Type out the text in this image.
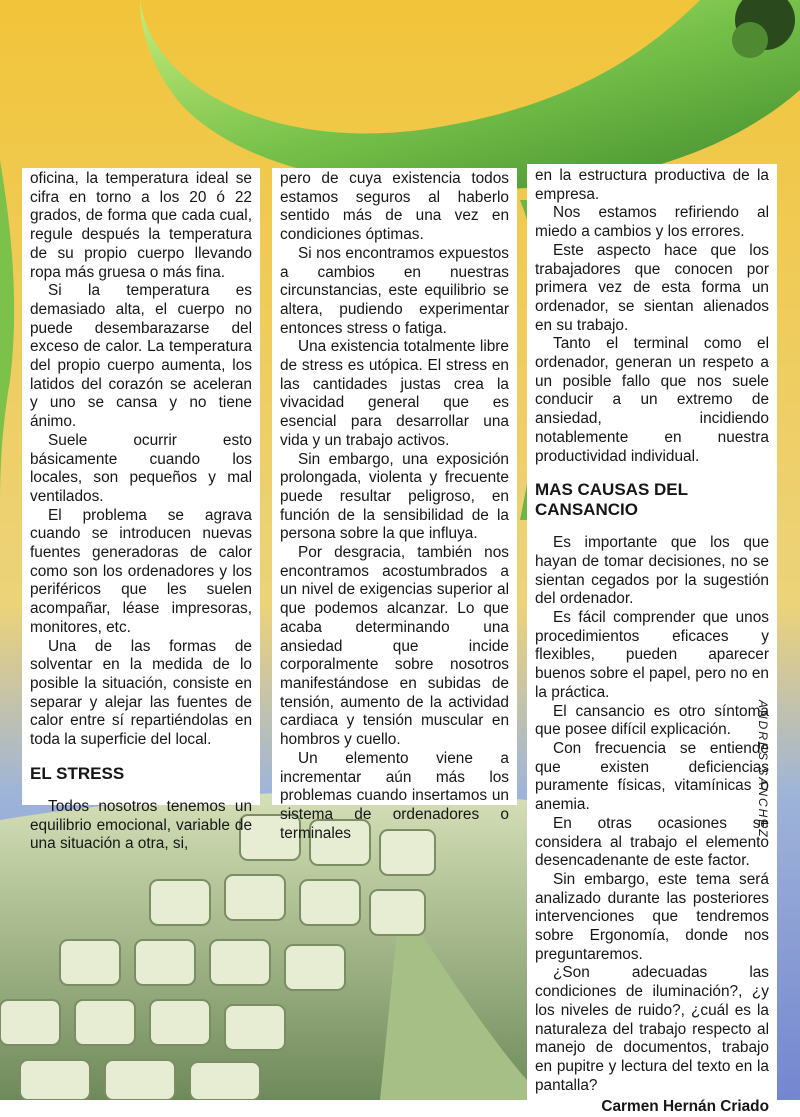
oficina, la temperatura ideal se cifra en torno a los 20 ó 22 grados, de forma que cada cual, regule después la temperatura de su propio cuerpo llevando ropa más gruesa o más fina.

Si la temperatura es demasiado alta, el cuerpo no puede desembarazarse del exceso de calor. La temperatura del propio cuerpo aumenta, los latidos del corazón se aceleran y uno se cansa y no tiene ánimo.

Suele ocurrir esto básicamente cuando los locales, son pequeños y mal ventilados.

El problema se agrava cuando se introducen nuevas fuentes generadoras de calor como son los ordenadores y los periféricos que les suelen acompañar, léase impresoras, monitores, etc.

Una de las formas de solventar en la medida de lo posible la situación, consiste en separar y alejar las fuentes de calor entre sí repartiéndolas en toda la superficie del local.

EL STRESS

Todos nosotros tenemos un equilibrio emocional, variable de una situación a otra, si,

pero de cuya existencia todos estamos seguros al haberlo sentido más de una vez en condiciones óptimas.

Si nos encontramos expuestos a cambios en nuestras circunstancias, este equilibrio se altera, pudiendo experimentar entonces stress o fatiga.

Una existencia totalmente libre de stress es utópica. El stress en las cantidades justas crea la vivacidad general que es esencial para desarrollar una vida y un trabajo activos.

Sin embargo, una exposición prolongada, violenta y frecuente puede resultar peligroso, en función de la sensibilidad de la persona sobre la que influya.

Por desgracia, también nos encontramos acostumbrados a un nivel de exigencias superior al que podemos alcanzar. Lo que acaba determinando una ansiedad que incide corporalmente sobre nosotros manifestándose en subidas de tensión, aumento de la actividad cardiaca y tensión muscular en hombros y cuello.

Un elemento viene a incrementar aún más los problemas cuando insertamos un sistema de ordenadores o terminales

en la estructura productiva de la empresa.

Nos estamos refiriendo al miedo a cambios y los errores.

Este aspecto hace que los trabajadores que conocen por primera vez de esta forma un ordenador, se sientan alienados en su trabajo.

Tanto el terminal como el ordenador, generan un respeto a un posible fallo que nos suele conducir a un extremo de ansiedad, incidiendo notablemente en nuestra productividad individual.

MAS CAUSAS DEL CANSANCIO

Es importante que los que hayan de tomar decisiones, no se sientan cegados por la sugestión del ordenador.

Es fácil comprender que unos procedimientos eficaces y flexibles, pueden aparecer buenos sobre el papel, pero no en la práctica.

El cansancio es otro síntoma que posee difícil explicación.

Con frecuencia se entiende que existen deficiencias puramente físicas, vitamínicas o anemia.

En otras ocasiones se considera al trabajo el elemento desencadenante de este factor.

Sin embargo, este tema será analizado durante las posteriores intervenciones que tendremos sobre Ergonomía, donde nos preguntaremos.

¿Son adecuadas las condiciones de iluminación?, ¿y los niveles de ruido?, ¿cuál es la naturaleza del trabajo respecto al manejo de documentos, trabajo en pupitre y lectura del texto en la pantalla?

Carmen Hernán Criado
ANDRES SANCHEZ
